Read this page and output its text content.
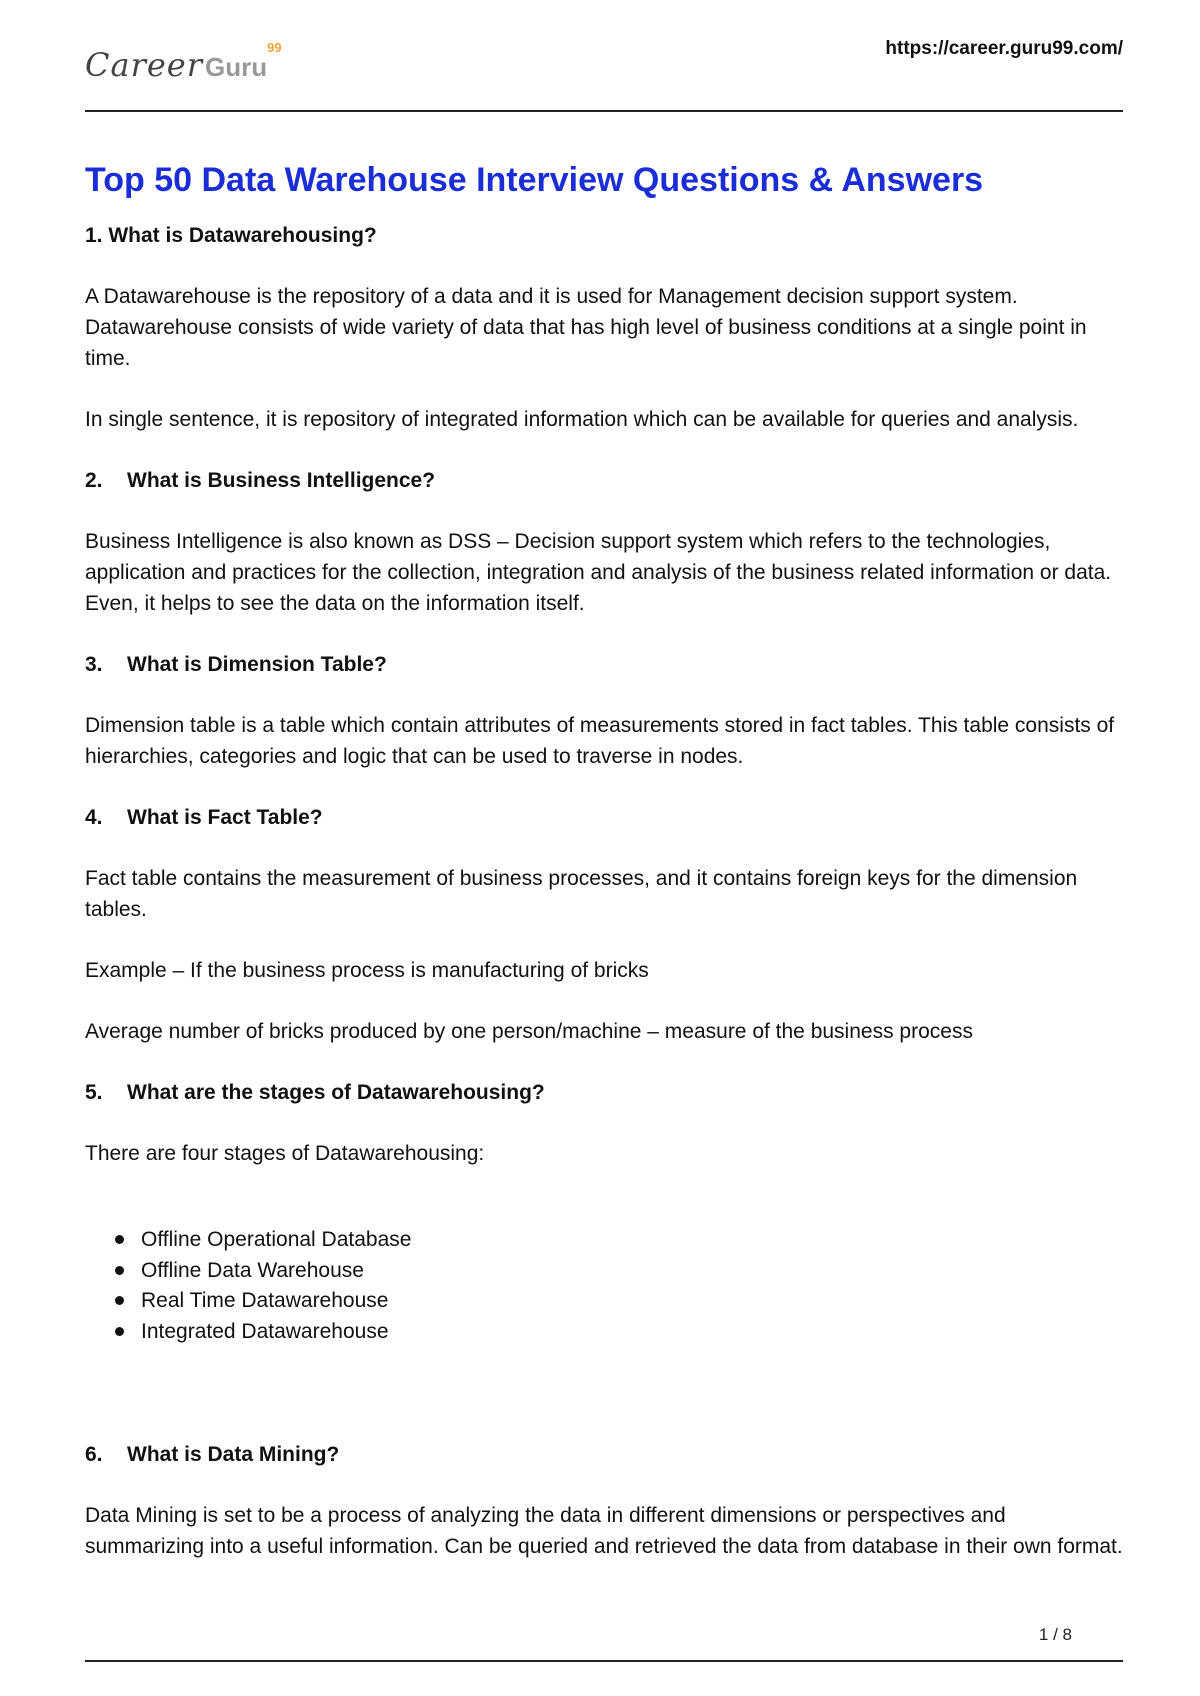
CareerGuru$^{99}$	https://career.guru99.com/
Top 50 Data Warehouse Interview Questions & Answers
1. What is Datawarehousing?

A Datawarehouse is the repository of a data and it is used for Management decision support system. Datawarehouse consists of wide variety of data that has high level of business conditions at a single point in time.

In single sentence, it is repository of integrated information which can be available for queries and analysis.

2. What is Business Intelligence?

Business Intelligence is also known as DSS – Decision support system which refers to the technologies, application and practices for the collection, integration and analysis of the business related information or data. Even, it helps to see the data on the information itself.

3. What is Dimension Table?

Dimension table is a table which contain attributes of measurements stored in fact tables. This table consists of hierarchies, categories and logic that can be used to traverse in nodes.

4. What is Fact Table?

Fact table contains the measurement of business processes, and it contains foreign keys for the dimension tables.

Example – If the business process is manufacturing of bricks

Average number of bricks produced by one person/machine – measure of the business process

5. What are the stages of Datawarehousing?

There are four stages of Datawarehousing:

Offline Operational Database
Offline Data Warehouse
Real Time Datawarehouse
Integrated Datawarehouse
6. What is Data Mining?

Data Mining is set to be a process of analyzing the data in different dimensions or perspectives and summarizing into a useful information. Can be queried and retrieved the data from database in their own format.

1 / 8
